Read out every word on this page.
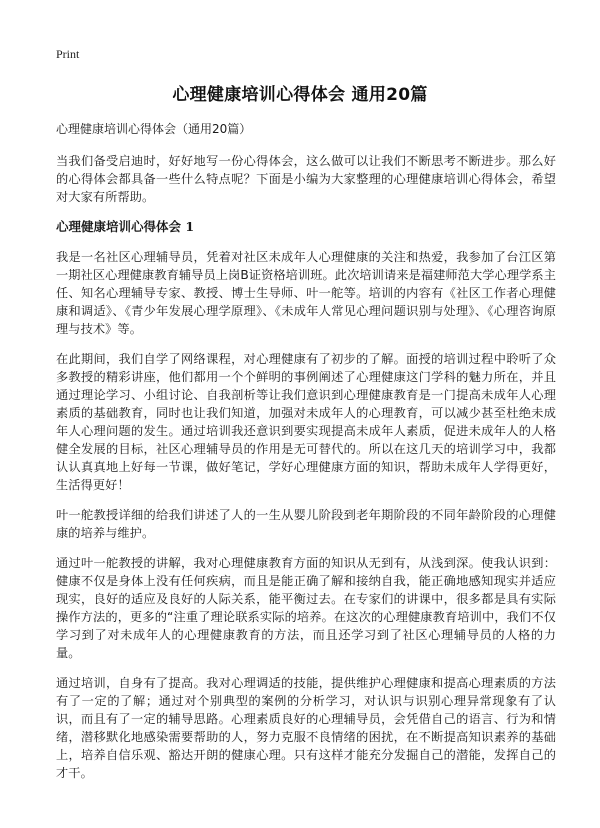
Print
心理健康培训心得体会 通用20篇

心理健康培训心得体会（通用20篇）

当我们备受启迪时，好好地写一份心得体会，这么做可以让我们不断思考不断进步。那么好的心得体会都具备一些什么特点呢？下面是小编为大家整理的心理健康培训心得体会，希望对大家有所帮助。

心理健康培训心得体会 1

我是一名社区心理辅导员，凭着对社区未成年人心理健康的关注和热爱，我参加了台江区第一期社区心理健康教育辅导员上岗B证资格培训班。此次培训请来是福建师范大学心理学系主任、知名心理辅导专家、教授、博士生导师、叶一舵等。培训的内容有《社区工作者心理健康和调适》、《青少年发展心理学原理》、《未成年人常见心理问题识别与处理》、《心理咨询原理与技术》等。

在此期间，我们自学了网络课程，对心理健康有了初步的了解。面授的培训过程中聆听了众多教授的精彩讲座，他们都用一个个鲜明的事例阐述了心理健康这门学科的魅力所在，并且通过理论学习、小组讨论、自我剖析等让我们意识到心理健康教育是一门提高未成年人心理素质的基础教育，同时也让我们知道，加强对未成年人的心理教育，可以减少甚至杜绝未成年人心理问题的发生。通过培训我还意识到要实现提高未成年人素质，促进未成年人的人格健全发展的目标，社区心理辅导员的作用是无可替代的。所以在这几天的培训学习中，我都认认真真地上好每一节课，做好笔记，学好心理健康方面的知识，帮助未成年人学得更好，生活得更好！

叶一舵教授详细的给我们讲述了人的一生从婴儿阶段到老年期阶段的不同年龄阶段的心理健康的培养与维护。

通过叶一舵教授的讲解，我对心理健康教育方面的知识从无到有，从浅到深。使我认识到：健康不仅是身体上没有任何疾病，而且是能正确了解和接纳自我，能正确地感知现实并适应现实，良好的适应及良好的人际关系，能平衡过去。在专家们的讲课中，很多都是具有实际操作方法的，更多的“注重了理论联系实际的培养。在这次的心理健康教育培训中，我们不仅学习到了对未成年人的心理健康教育的方法，而且还学习到了社区心理辅导员的人格的力量。

通过培训，自身有了提高。我对心理调适的技能，提供维护心理健康和提高心理素质的方法有了一定的了解；通过对个别典型的案例的分析学习，对认识与识别心理异常现象有了认识，而且有了一定的辅导思路。心理素质良好的心理辅导员，会凭借自己的语言、行为和情绪，潜移默化地感染需要帮助的人，努力克服不良情绪的困扰，在不断提高知识素养的基础上，培养自信乐观、豁达开朗的健康心理。只有这样才能充分发掘自己的潜能，发挥自己的才干。
